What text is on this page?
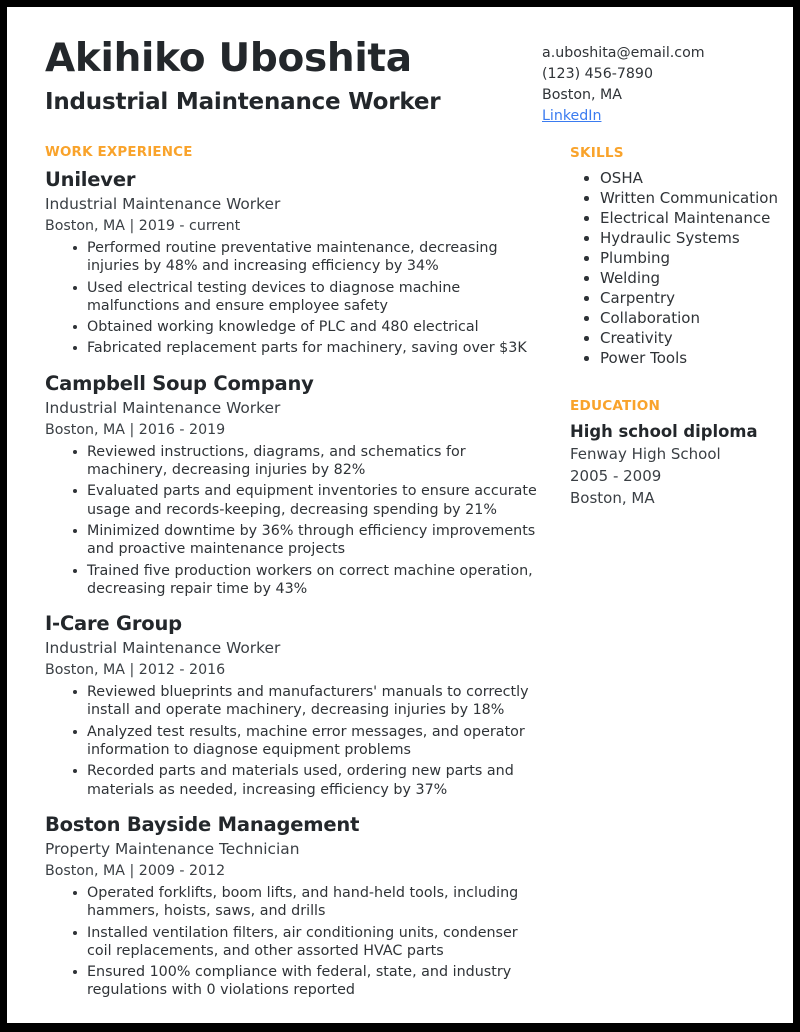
Akihiko Uboshita
Industrial Maintenance Worker
a.uboshita@email.com
(123) 456-7890
Boston, MA
LinkedIn
WORK EXPERIENCE
Unilever
Industrial Maintenance Worker
Boston, MA | 2019 - current
Performed routine preventative maintenance, decreasing injuries by 48% and increasing efficiency by 34%
Used electrical testing devices to diagnose machine malfunctions and ensure employee safety
Obtained working knowledge of PLC and 480 electrical
Fabricated replacement parts for machinery, saving over $3K
Campbell Soup Company
Industrial Maintenance Worker
Boston, MA | 2016 - 2019
Reviewed instructions, diagrams, and schematics for machinery, decreasing injuries by 82%
Evaluated parts and equipment inventories to ensure accurate usage and records-keeping, decreasing spending by 21%
Minimized downtime by 36% through efficiency improvements and proactive maintenance projects
Trained five production workers on correct machine operation, decreasing repair time by 43%
I-Care Group
Industrial Maintenance Worker
Boston, MA | 2012 - 2016
Reviewed blueprints and manufacturers' manuals to correctly install and operate machinery, decreasing injuries by 18%
Analyzed test results, machine error messages, and operator information to diagnose equipment problems
Recorded parts and materials used, ordering new parts and materials as needed, increasing efficiency by 37%
Boston Bayside Management
Property Maintenance Technician
Boston, MA | 2009 - 2012
Operated forklifts, boom lifts, and hand-held tools, including hammers, hoists, saws, and drills
Installed ventilation filters, air conditioning units, condenser coil replacements, and other assorted HVAC parts
Ensured 100% compliance with federal, state, and industry regulations with 0 violations reported
SKILLS
OSHA
Written Communication
Electrical Maintenance
Hydraulic Systems
Plumbing
Welding
Carpentry
Collaboration
Creativity
Power Tools
EDUCATION
High school diploma
Fenway High School
2005 - 2009
Boston, MA
